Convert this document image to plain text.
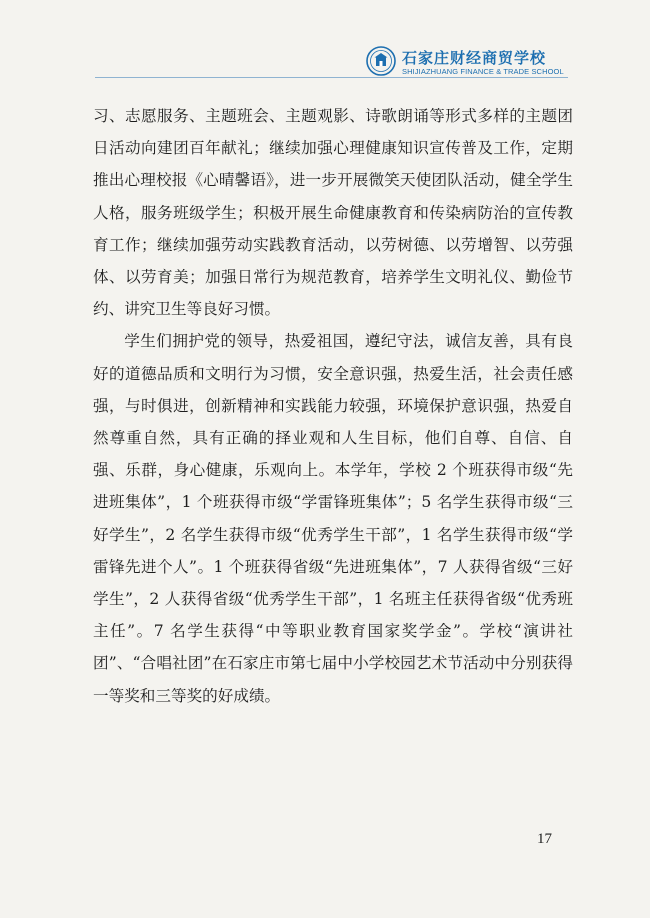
石家庄财经商贸学校
SHIJIAZHUANG FINANCE & TRADE SCHOOL

习、志愿服务、主题班会、主题观影、诗歌朗诵等形式多样的主题团日活动向建团百年献礼；继续加强心理健康知识宣传普及工作，定期推出心理校报《心晴馨语》，进一步开展微笑天使团队活动，健全学生人格，服务班级学生；积极开展生命健康教育和传染病防治的宣传教育工作；继续加强劳动实践教育活动，以劳树德、以劳增智、以劳强体、以劳育美；加强日常行为规范教育，培养学生文明礼仪、勤俭节约、讲究卫生等良好习惯。

学生们拥护党的领导，热爱祖国，遵纪守法，诚信友善，具有良好的道德品质和文明行为习惯，安全意识强，热爱生活，社会责任感强，与时俱进，创新精神和实践能力较强，环境保护意识强，热爱自然尊重自然，具有正确的择业观和人生目标，他们自尊、自信、自强、乐群，身心健康，乐观向上。本学年，学校 2 个班获得市级“先进班集体”，1 个班获得市级“学雷锋班集体”；5 名学生获得市级“三好学生”，2 名学生获得市级“优秀学生干部”，1 名学生获得市级“学雷锋先进个人”。1 个班获得省级“先进班集体”，7 人获得省级“三好学生”，2 人获得省级“优秀学生干部”，1 名班主任获得省级“优秀班主任”。7 名学生获得“中等职业教育国家奖学金”。学校“演讲社团”、“合唱社团”在石家庄市第七届中小学校园艺术节活动中分别获得一等奖和三等奖的好成绩。

17
